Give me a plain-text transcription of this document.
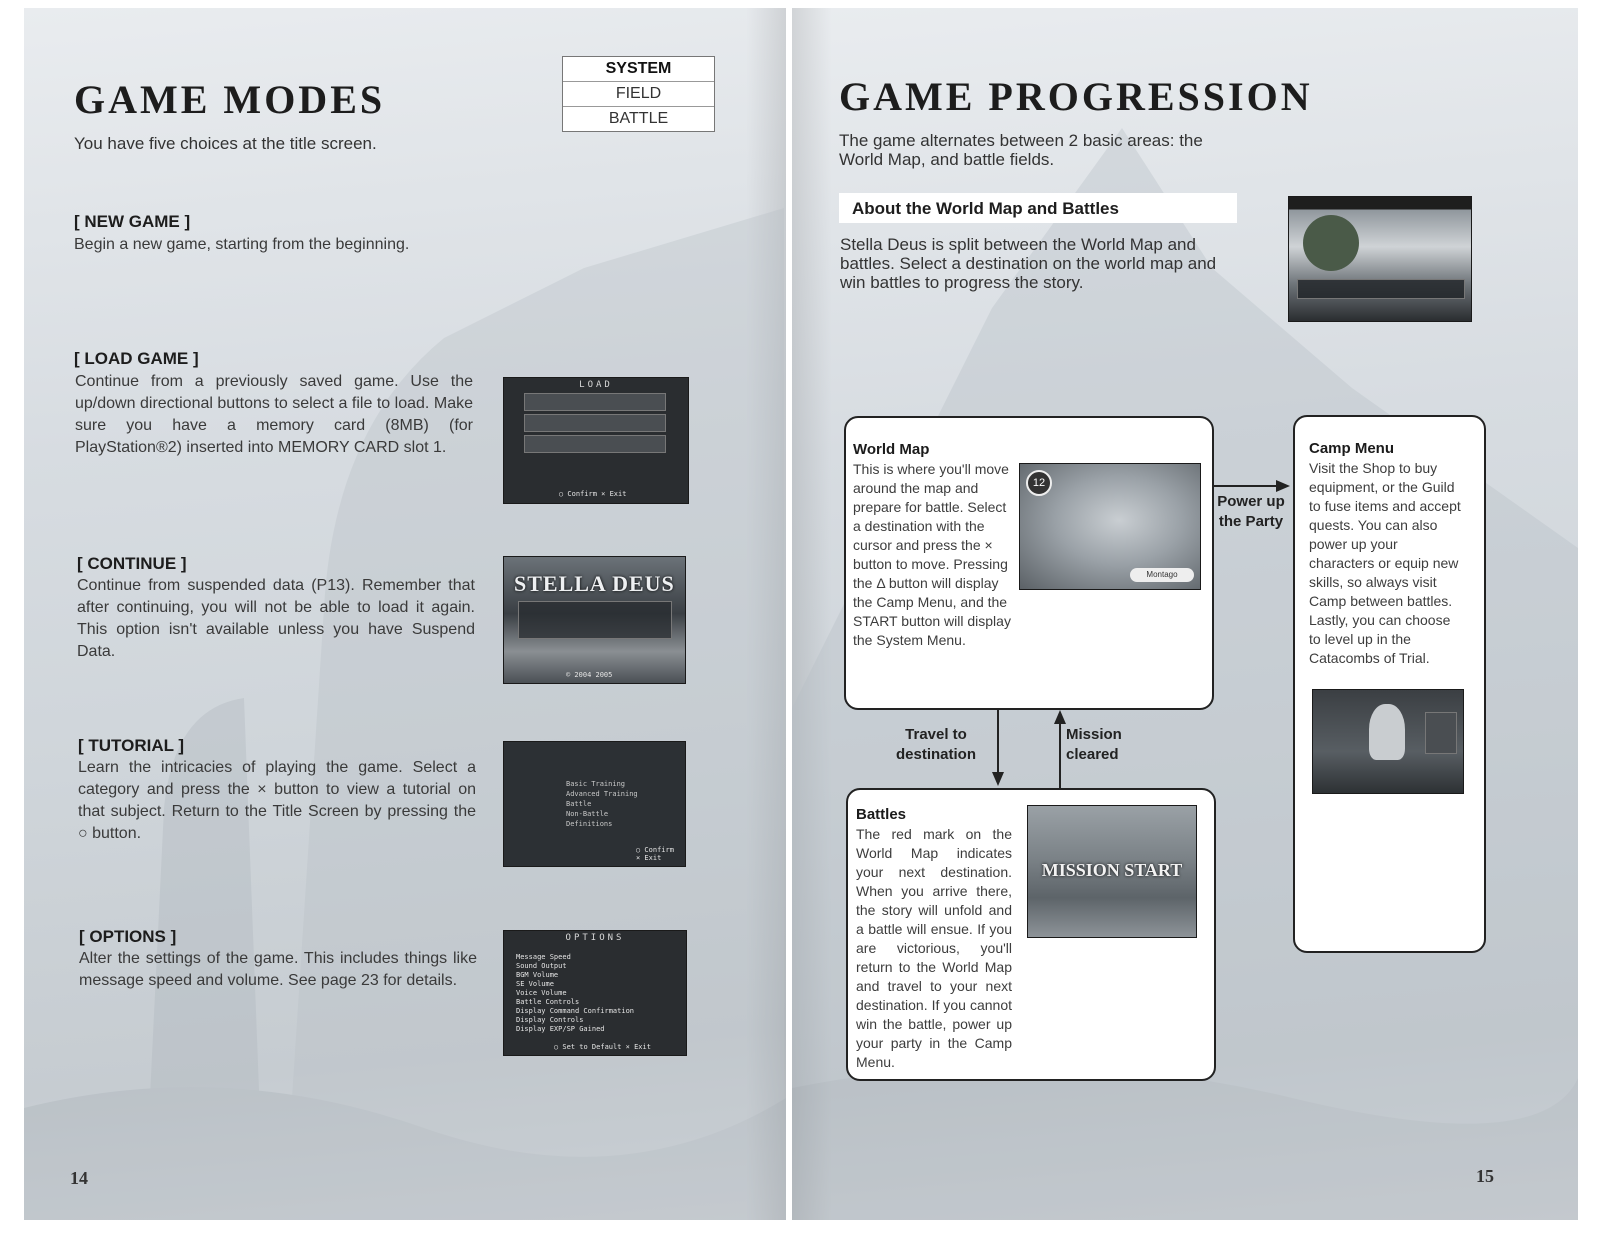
GAME MODES
You have five choices at the title screen.
SYSTEM
FIELD
BATTLE
[ NEW GAME ]
Begin a new game, starting from the beginning.
[ LOAD GAME ]
Continue from a previously saved game. Use the up/down directional buttons to select a file to load. Make sure you have a memory card (8MB) (for PlayStation®2) inserted into MEMORY CARD slot 1.
[ CONTINUE ]
Continue from suspended data (P13). Remember that after continuing, you will not be able to load it again. This option isn't available unless you have Suspend Data.
[ TUTORIAL ]
Learn the intricacies of playing the game. Select a category and press the × button to view a tutorial on that subject. Return to the Title Screen by pressing the ○ button.
[ OPTIONS ]
Alter the settings of the game. This includes things like message speed and volume. See page 23 for details.
LOAD
○ Confirm × Exit
STELLA DEUS
© 2004 2005
Basic Training
Advanced Training
Battle
Non-Battle
Definitions
○ Confirm
× Exit
OPTIONS
Message Speed
Sound Output
BGM Volume
SE Volume
Voice Volume
Battle Controls
Display Command Confirmation
Display Controls
Display EXP/SP Gained
○ Set to Default × Exit
14
GAME PROGRESSION
The game alternates between 2 basic areas: the World Map, and battle fields.
About the World Map and Battles
Stella Deus is split between the World Map and battles. Select a destination on the world map and win battles to progress the story.
World Map
This is where you'll move around the map and prepare for battle. Select a destination with the cursor and press the × button to move. Pressing the Δ button will display the Camp Menu, and the START button will display the System Menu.
12
Montago
Battles
The red mark on the World Map indicates your next destination. When you arrive there, the story will unfold and a battle will ensue. If you are victorious, you'll return to the World Map and travel to your next destination. If you cannot win the battle, power up your party in the Camp Menu.
MISSION START
Camp Menu
Visit the Shop to buy equipment, or the Guild to fuse items and accept quests. You can also power up your characters or equip new skills, so always visit Camp between battles. Lastly, you can choose to level up in the Catacombs of Trial.
Power up the Party
Travel to destination
Mission cleared
15
